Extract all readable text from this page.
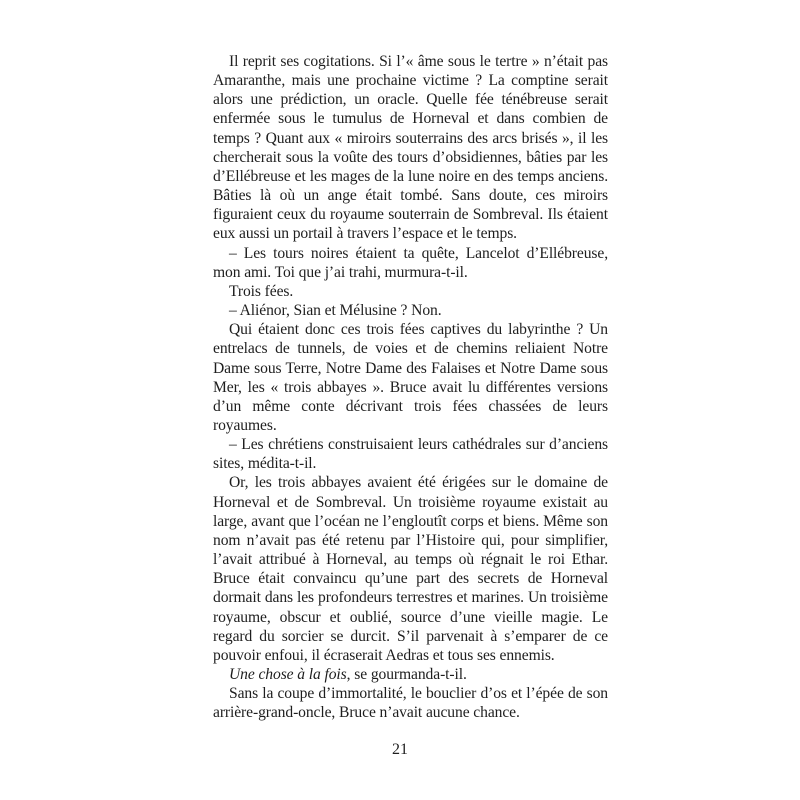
Il reprit ses cogitations. Si l’« âme sous le tertre » n’était pas Amaranthe, mais une prochaine victime ? La comptine serait alors une prédiction, un oracle. Quelle fée ténébreuse serait enfermée sous le tumulus de Horneval et dans combien de temps ? Quant aux « miroirs souterrains des arcs brisés », il les chercherait sous la voûte des tours d’obsidiennes, bâties par les d’Ellébreuse et les mages de la lune noire en des temps anciens. Bâties là où un ange était tombé. Sans doute, ces miroirs figuraient ceux du royaume souterrain de Sombreval. Ils étaient eux aussi un portail à travers l’espace et le temps.

– Les tours noires étaient ta quête, Lancelot d’Ellébreuse, mon ami. Toi que j’ai trahi, murmura-t-il.

Trois fées.

– Aliénor, Sian et Mélusine ? Non.

Qui étaient donc ces trois fées captives du labyrinthe ? Un entrelacs de tunnels, de voies et de chemins reliaient Notre Dame sous Terre, Notre Dame des Falaises et Notre Dame sous Mer, les « trois abbayes ». Bruce avait lu différentes versions d’un même conte décrivant trois fées chassées de leurs royaumes.

– Les chrétiens construisaient leurs cathédrales sur d’anciens sites, médita-t-il.

Or, les trois abbayes avaient été érigées sur le domaine de Horneval et de Sombreval. Un troisième royaume existait au large, avant que l’océan ne l’engloutît corps et biens. Même son nom n’avait pas été retenu par l’Histoire qui, pour simplifier, l’avait attribué à Horneval, au temps où régnait le roi Ethar. Bruce était convaincu qu’une part des secrets de Horneval dormait dans les profondeurs terrestres et marines. Un troisième royaume, obscur et oublié, source d’une vieille magie. Le regard du sorcier se durcit. S’il parvenait à s’emparer de ce pouvoir enfoui, il écraserait Aedras et tous ses ennemis.

Une chose à la fois, se gourmanda-t-il.

Sans la coupe d’immortalité, le bouclier d’os et l’épée de son arrière-grand-oncle, Bruce n’avait aucune chance.

21
